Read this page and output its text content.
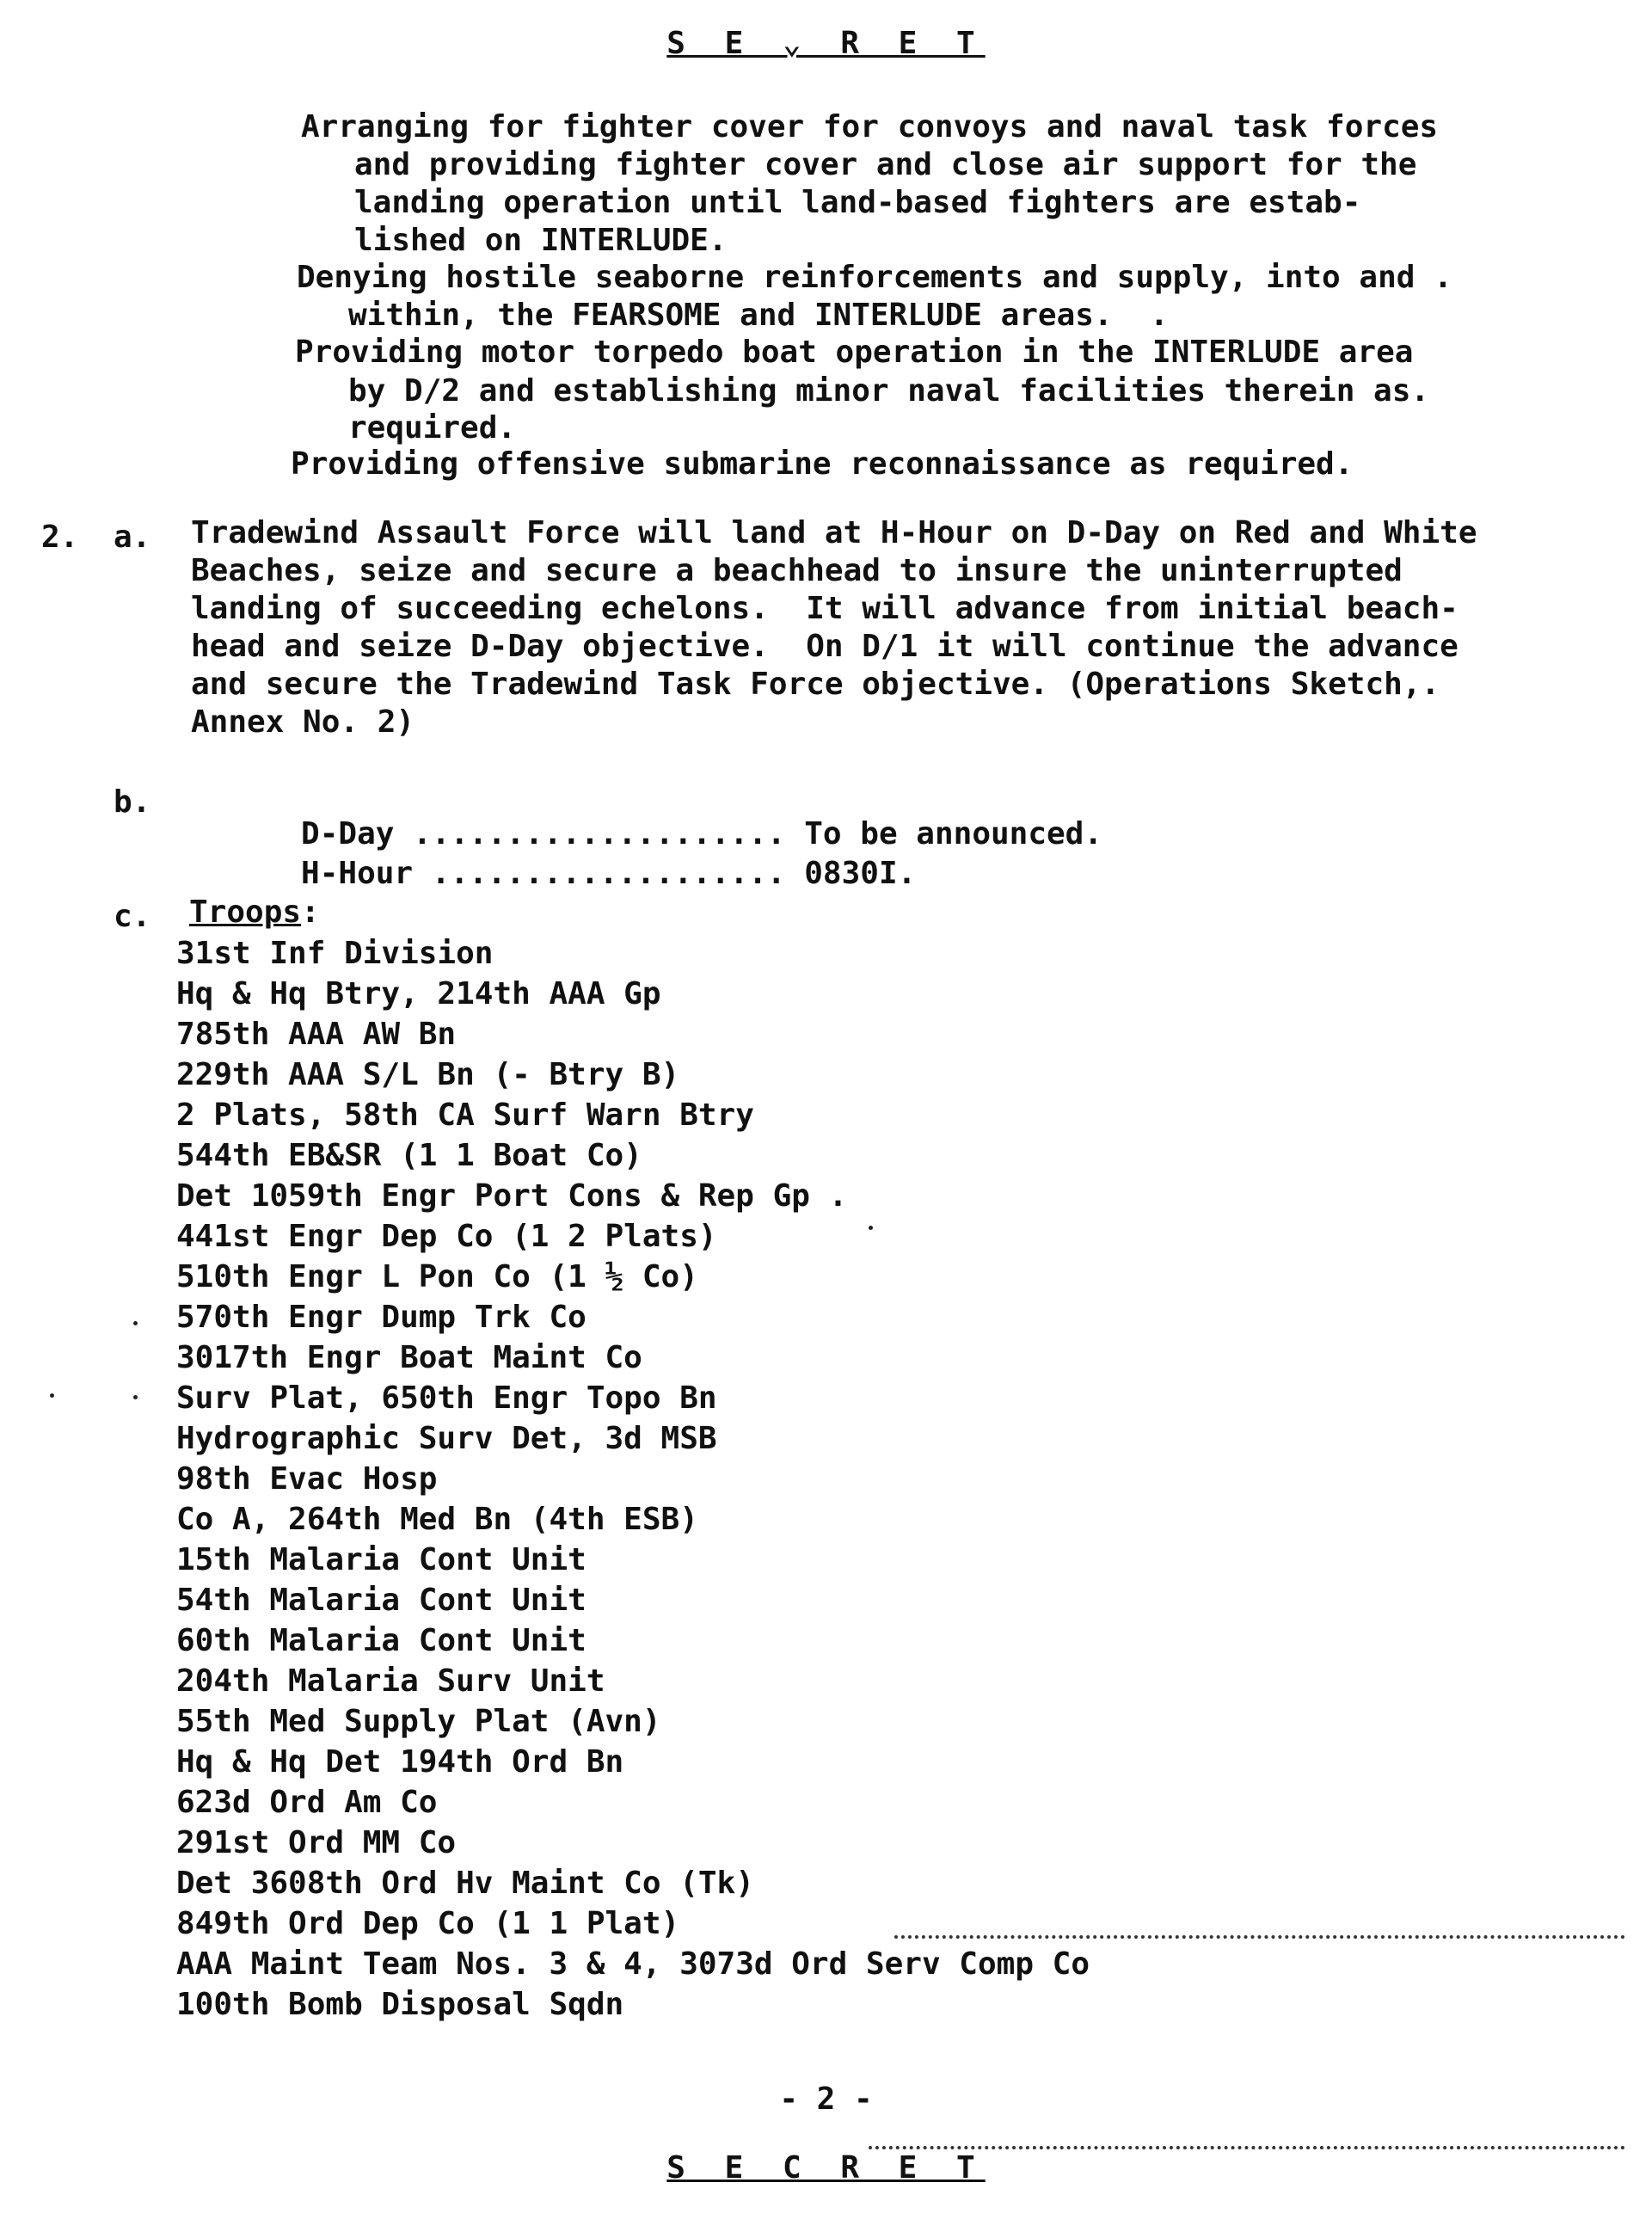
S E ⌄ R E T
Arranging for fighter cover for convoys and naval task forces
and providing fighter cover and close air support for the
landing operation until land-based fighters are estab-
lished on INTERLUDE.
Denying hostile seaborne reinforcements and supply, into and .
within, the FEARSOME and INTERLUDE areas.  .
Providing motor torpedo boat operation in the INTERLUDE area
by D/2 and establishing minor naval facilities therein as.
required.
Providing offensive submarine reconnaissance as required.
2. a. Tradewind Assault Force will land at H-Hour on D-Day on Red and White
Beaches, seize and secure a beachhead to insure the uninterrupted
landing of succeeding echelons.  It will advance from initial beach-
head and seize D-Day objective.  On D/1 it will continue the advance
and secure the Tradewind Task Force objective. (Operations Sketch,.
Annex No. 2)
b.

D-Day .................... To be announced.

H-Hour ................... 0830I.

c. Troops:
31st Inf Division
Hq & Hq Btry, 214th AAA Gp
785th AAA AW Bn
229th AAA S/L Bn (- Btry B)
2 Plats, 58th CA Surf Warn Btry
544th EB&SR (1 1 Boat Co)
Det 1059th Engr Port Cons & Rep Gp .
441st Engr Dep Co (1 2 Plats)
510th Engr L Pon Co (1 ½ Co)
570th Engr Dump Trk Co
3017th Engr Boat Maint Co
Surv Plat, 650th Engr Topo Bn
Hydrographic Surv Det, 3d MSB
98th Evac Hosp
Co A, 264th Med Bn (4th ESB)
15th Malaria Cont Unit
54th Malaria Cont Unit
60th Malaria Cont Unit
204th Malaria Surv Unit
55th Med Supply Plat (Avn)
Hq & Hq Det 194th Ord Bn
623d Ord Am Co
291st Ord MM Co
Det 3608th Ord Hv Maint Co (Tk)
849th Ord Dep Co (1 1 Plat)
AAA Maint Team Nos. 3 & 4, 3073d Ord Serv Comp Co
100th Bomb Disposal Sqdn
- 2 -
S E C R E T
